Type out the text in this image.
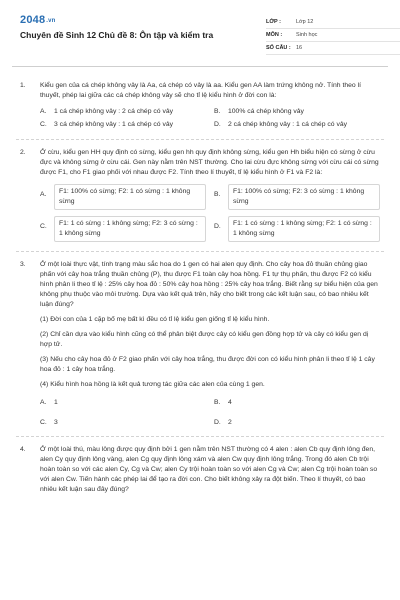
2048.vn
Chuyên đề Sinh 12 Chủ đề 8: Ôn tập và kiểm tra
LỚP :	Lớp 12
MÔN :	Sinh học
SỐ CÂU : 16
1. Kiểu gen của cá chép không vảy là Aa, cá chép có vảy là aa. Kiểu gen AA làm trứng không nở. Tính theo lí thuyết, phép lai giữa các cá chép không vảy sẽ cho tỉ lệ kiểu hình ở đời con là:
A.	1 cá chép không vảy : 2 cá chép có vảy	B.	100% cá chép không vảy
C.	3 cá chép không vảy : 1 cá chép có vảy	D.	2 cá chép không vảy : 1 cá chép có vảy
2. Ở cừu, kiểu gen HH quy định có sừng, kiểu gen hh quy định không sừng, kiểu gen Hh biểu hiện có sừng ở cừu đực và không sừng ở cừu cái. Gen này nằm trên NST thường. Cho lai cừu đực không sừng với cừu cái có sừng được F1, cho F1 giao phối với nhau được F2. Tính theo lí thuyết, tỉ lệ kiểu hình ở F1 và F2 là:
A.	F1: 100% có sừng; F2: 1 có sừng : 1 không sừng
B.	F1: 100% có sừng; F2: 3 có sừng : 1 không sừng
C.	F1: 1 có sừng : 1 không sừng; F2: 3 có sừng : 1 không sừng
D.	F1: 1 có sừng : 1 không sừng; F2: 1 có sừng : 1 không sừng
3. Ở một loài thực vật, tính trạng màu sắc hoa do 1 gen có hai alen quy định. Cho cây hoa đỏ thuần chủng giao phấn với cây hoa trắng thuần chủng (P), thu được F1 toàn cây hoa hồng. F1 tự thụ phấn, thu được F2 có kiểu hình phân li theo tỉ lệ : 25% cây hoa đỏ : 50% cây hoa hồng : 25% cây hoa trắng. Biết rằng sự biểu hiện của gen không phụ thuộc vào môi trường. Dựa vào kết quả trên, hãy cho biết trong các kết luận sau, có bao nhiêu kết luận đúng?
(1) Đời con của 1 cặp bố mẹ bất kì đều có tỉ lệ kiểu gen giống tỉ lệ kiểu hình.
(2) Chỉ cần dựa vào kiểu hình cũng có thể phân biệt được cây có kiểu gen đồng hợp tử và cây có kiểu gen dị hợp tử.
(3) Nếu cho cây hoa đỏ ở F2 giao phấn với cây hoa trắng, thu được đời con có kiểu hình phân li theo tỉ lệ 1 cây hoa đỏ : 1 cây hoa trắng.
(4) Kiểu hình hoa hồng là kết quả tương tác giữa các alen của cùng 1 gen.
A.	1	B.	4
C.	3	D.	2
4. Ở một loài thú, màu lông được quy định bởi 1 gen nằm trên NST thường có 4 alen : alen Cb quy định lông đen, alen Cy quy định lông vàng, alen Cg quy định lông xám và alen Cw quy định lông trắng. Trong đó alen Cb trội hoàn toàn so với các alen Cy, Cg và Cw; alen Cy trội hoàn toàn so với alen Cg và Cw; alen Cg trội hoàn toàn so với alen Cw. Tiến hành các phép lai để tạo ra đời con. Cho biết không xảy ra đột biến. Theo lí thuyết, có bao nhiêu kết luận sau đây đúng?
